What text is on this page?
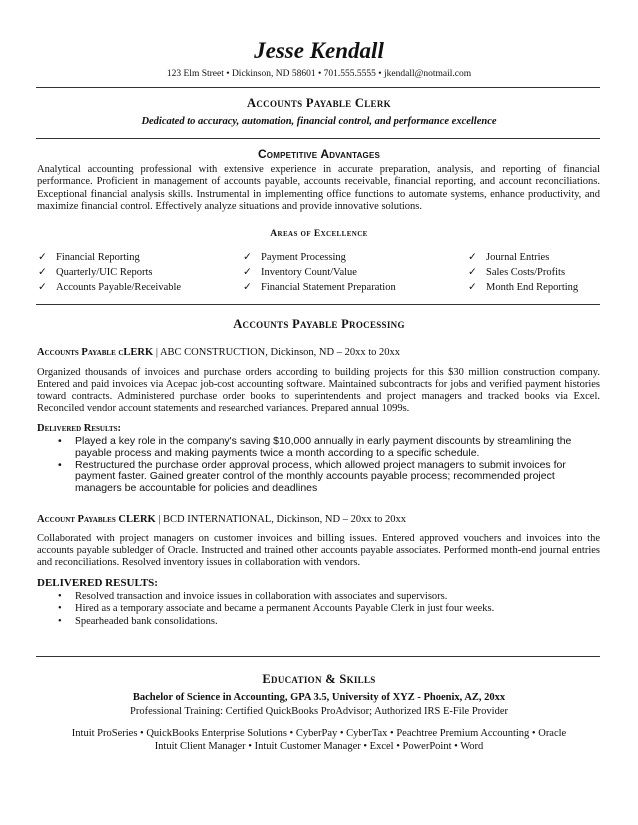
Jesse Kendall
123 Elm Street • Dickinson, ND 58601 • 701.555.5555 • jkendall@notmail.com
Accounts Payable Clerk
Dedicated to accuracy, automation, financial control, and performance excellence
Competitive Advantages
Analytical accounting professional with extensive experience in accurate preparation, analysis, and reporting of financial performance. Proficient in management of accounts payable, accounts receivable, financial reporting, and account reconciliations. Exceptional financial analysis skills. Instrumental in implementing office functions to automate systems, enhance productivity, and maximize financial control. Effectively analyze situations and provide innovative solutions.
Areas of Excellence
✓ Financial Reporting
✓ Quarterly/UIC Reports
✓ Accounts Payable/Receivable
✓ Payment Processing
✓ Inventory Count/Value
✓ Financial Statement Preparation
✓ Journal Entries
✓ Sales Costs/Profits
✓ Month End Reporting
Accounts Payable Processing
Accounts Payable cLERK | ABC CONSTRUCTION, Dickinson, ND – 20xx to 20xx
Organized thousands of invoices and purchase orders according to building projects for this $30 million construction company. Entered and paid invoices via Acepac job-cost accounting software. Maintained subcontracts for jobs and verified payment histories toward contracts. Administered purchase order books to superintendents and project managers and tracked books via Excel. Reconciled vendor account statements and researched variances. Prepared annual 1099s.
Delivered Results:
• Played a key role in the company's saving $10,000 annually in early payment discounts by streamlining the payable process and making payments twice a month according to a specific schedule.
• Restructured the purchase order approval process, which allowed project managers to submit invoices for payment faster. Gained greater control of the monthly accounts payable process; recommended project managers be accountable for policies and deadlines
Account Payables CLERK | BCD INTERNATIONAL, Dickinson, ND – 20xx to 20xx
Collaborated with project managers on customer invoices and billing issues. Entered approved vouchers and invoices into the accounts payable subledger of Oracle. Instructed and trained other accounts payable associates. Performed month-end journal entries and reconciliations. Resolved inventory issues in collaboration with vendors.
DELIVERED RESULTS:
• Resolved transaction and invoice issues in collaboration with associates and supervisors.
• Hired as a temporary associate and became a permanent Accounts Payable Clerk in just four weeks.
• Spearheaded bank consolidations.
Education & Skills
Bachelor of Science in Accounting, GPA 3.5, University of XYZ - Phoenix, AZ, 20xx
Professional Training: Certified QuickBooks ProAdvisor; Authorized IRS E-File Provider
Intuit ProSeries • QuickBooks Enterprise Solutions • CyberPay • CyberTax • Peachtree Premium Accounting • Oracle
Intuit Client Manager • Intuit Customer Manager • Excel • PowerPoint • Word
